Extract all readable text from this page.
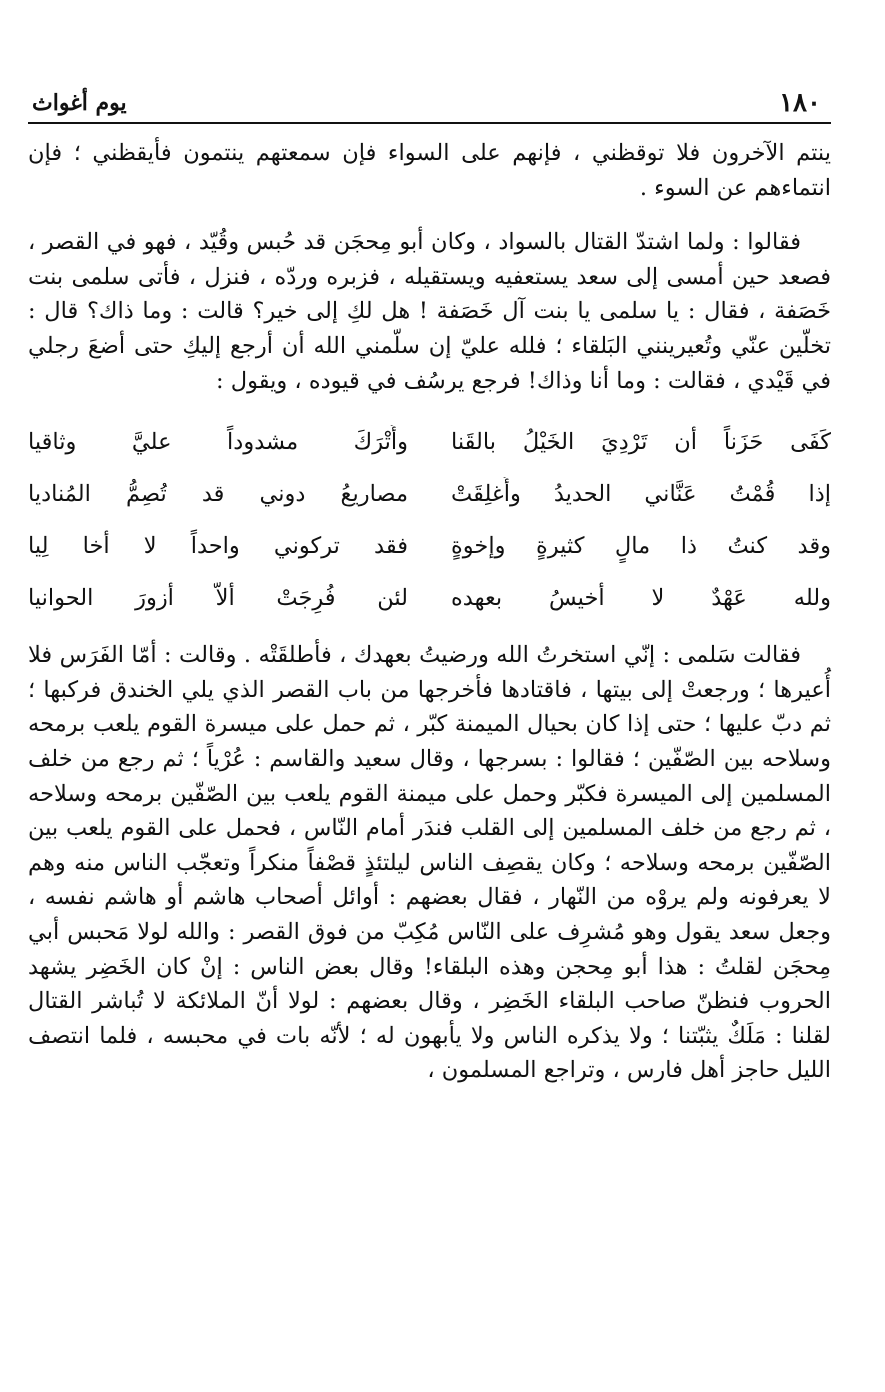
يوم أغواث	١٨٠

ينتم الآخرون فلا توقظني ، فإنهم على السواء فإن سمعتهم ينتمون فأيقظني ؛ فإن انتماءهم عن السوء .

فقالوا : ولما اشتدّ القتال بالسواد ، وكان أبو مِحجَن قد حُبس وقُيّد ، فهو في القصر ، فصعد حين أمسى إلى سعد يستعفيه ويستقيله ، فزبره وردّه ، فنزل ، فأتى سلمى بنت خَصَفة ، فقال : يا سلمى يا بنت آل خَصَفة ! هل لكِ إلى خير؟ قالت : وما ذاك؟ قال : تخلّين عنّي وتُعيرينني البَلقاء ؛ فلله عليّ إن سلّمني الله أن أرجع إليكِ حتى أضعَ رجلي في قَيْدي ، فقالت : وما أنا وذاك! فرجع يرسُف في قيوده ، ويقول :

كَفَى حَزَناً أن تَرْدِيَ الخَيْلُ بالقَنا
وأُتْرَكَ مشدوداً عليَّ وثاقيا
إذا قُمْتُ عَنَّاني الحديدُ وأُغلِقَتْ
مصاريعُ دوني قد تُصِمُّ المُناديا
وقد كنتُ ذا مالٍ كثيرةٍ وإخوةٍ
فقد تركوني واحداً لا أخا لِيا
ولله عَهْدٌ لا أخيسُ بعهده
لئن فُرِجَتْ ألاّ أزورَ الحوانيا

فقالت سَلمى : إنّي استخرتُ الله ورضيتُ بعهدك ، فأطلقَتْه . وقالت : أمّا الفَرَس فلا أُعيرها ؛ ورجعتْ إلى بيتها ، فاقتادها فأخرجها من باب القصر الذي يلي الخندق فركبها ؛ ثم دبّ عليها ؛ حتى إذا كان بحيال الميمنة كبّر ، ثم حمل على ميسرة القوم يلعب برمحه وسلاحه بين الصّفّين ؛ فقالوا : بسرجها ، وقال سعيد والقاسم : عُرْياً ؛ ثم رجع من خلف المسلمين إلى الميسرة فكبّر وحمل على ميمنة القوم يلعب بين الصّفّين برمحه وسلاحه ، ثم رجع من خلف المسلمين إلى القلب فندَر أمام النّاس ، فحمل على القوم يلعب بين الصّفّين برمحه وسلاحه ؛ وكان يقصِف الناس ليلتئذٍ قصْفاً منكراً وتعجّب الناس منه وهم لا يعرفونه ولم يروْه من النّهار ، فقال بعضهم : أوائل أصحاب هاشم أو هاشم نفسه ، وجعل سعد يقول وهو مُشرِف على النّاس مُكِبّ من فوق القصر : والله لولا مَحبس أبي مِحجَن لقلتُ : هذا أبو مِحجن وهذه البلقاء! وقال بعض الناس : إنْ كان الخَضِر يشهد الحروب فنظنّ صاحب البلقاء الخَضِر ، وقال بعضهم : لولا أنّ الملائكة لا تُباشر القتال لقلنا : مَلَكٌ يثبّتنا ؛ ولا يذكره الناس ولا يأبهون له ؛ لأنّه بات في محبسه ، فلما انتصف الليل حاجز أهل فارس ، وتراجع المسلمون ،
